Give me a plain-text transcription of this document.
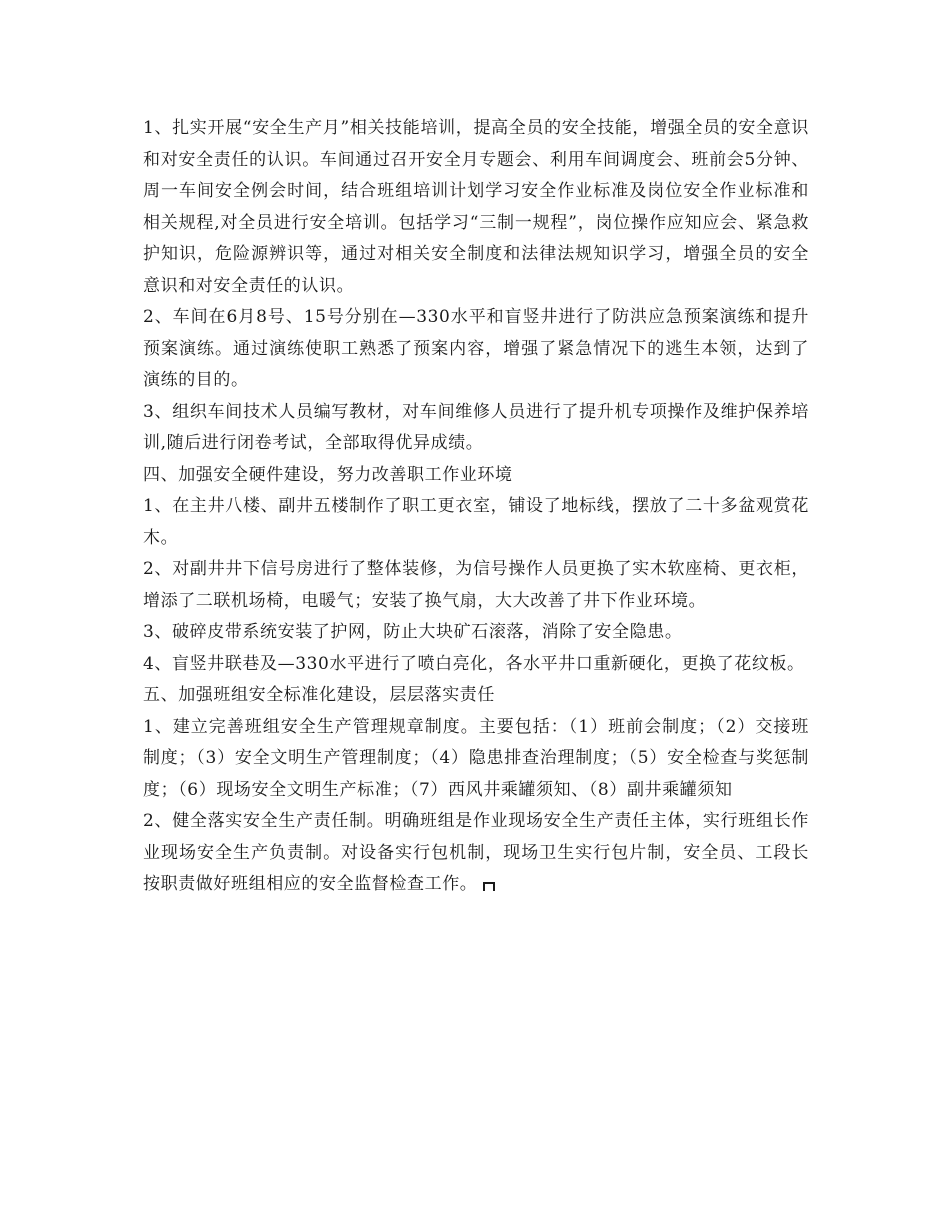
1、扎实开展“安全生产月”相关技能培训，提高全员的安全技能，增强全员的安全意识和对安全责任的认识。车间通过召开安全月专题会、利用车间调度会、班前会5分钟、周一车间安全例会时间，结合班组培训计划学习安全作业标准及岗位安全作业标准和相关规程,对全员进行安全培训。包括学习“三制一规程”，岗位操作应知应会、紧急救护知识，危险源辨识等，通过对相关安全制度和法律法规知识学习，增强全员的安全意识和对安全责任的认识。

2、车间在6月8号、15号分别在—330水平和盲竖井进行了防洪应急预案演练和提升预案演练。通过演练使职工熟悉了预案内容，增强了紧急情况下的逃生本领，达到了演练的目的。

3、组织车间技术人员编写教材，对车间维修人员进行了提升机专项操作及维护保养培训,随后进行闭卷考试，全部取得优异成绩。

四、加强安全硬件建设，努力改善职工作业环境

1、在主井八楼、副井五楼制作了职工更衣室，铺设了地标线，摆放了二十多盆观赏花木。

2、对副井井下信号房进行了整体装修，为信号操作人员更换了实木软座椅、更衣柜，增添了二联机场椅，电暖气；安装了换气扇，大大改善了井下作业环境。

3、破碎皮带系统安装了护网，防止大块矿石滚落，消除了安全隐患。

4、盲竖井联巷及—330水平进行了喷白亮化，各水平井口重新硬化，更换了花纹板。

五、加强班组安全标准化建设，层层落实责任

1、建立完善班组安全生产管理规章制度。主要包括：（1）班前会制度；（2）交接班制度；（3）安全文明生产管理制度；（4）隐患排查治理制度；（5）安全检查与奖惩制度；（6）现场安全文明生产标准；（7）西风井乘罐须知、（8）副井乘罐须知

2、健全落实安全生产责任制。明确班组是作业现场安全生产责任主体，实行班组长作业现场安全生产负责制。对设备实行包机制，现场卫生实行包片制，安全员、工段长按职责做好班组相应的安全监督检查工作。
